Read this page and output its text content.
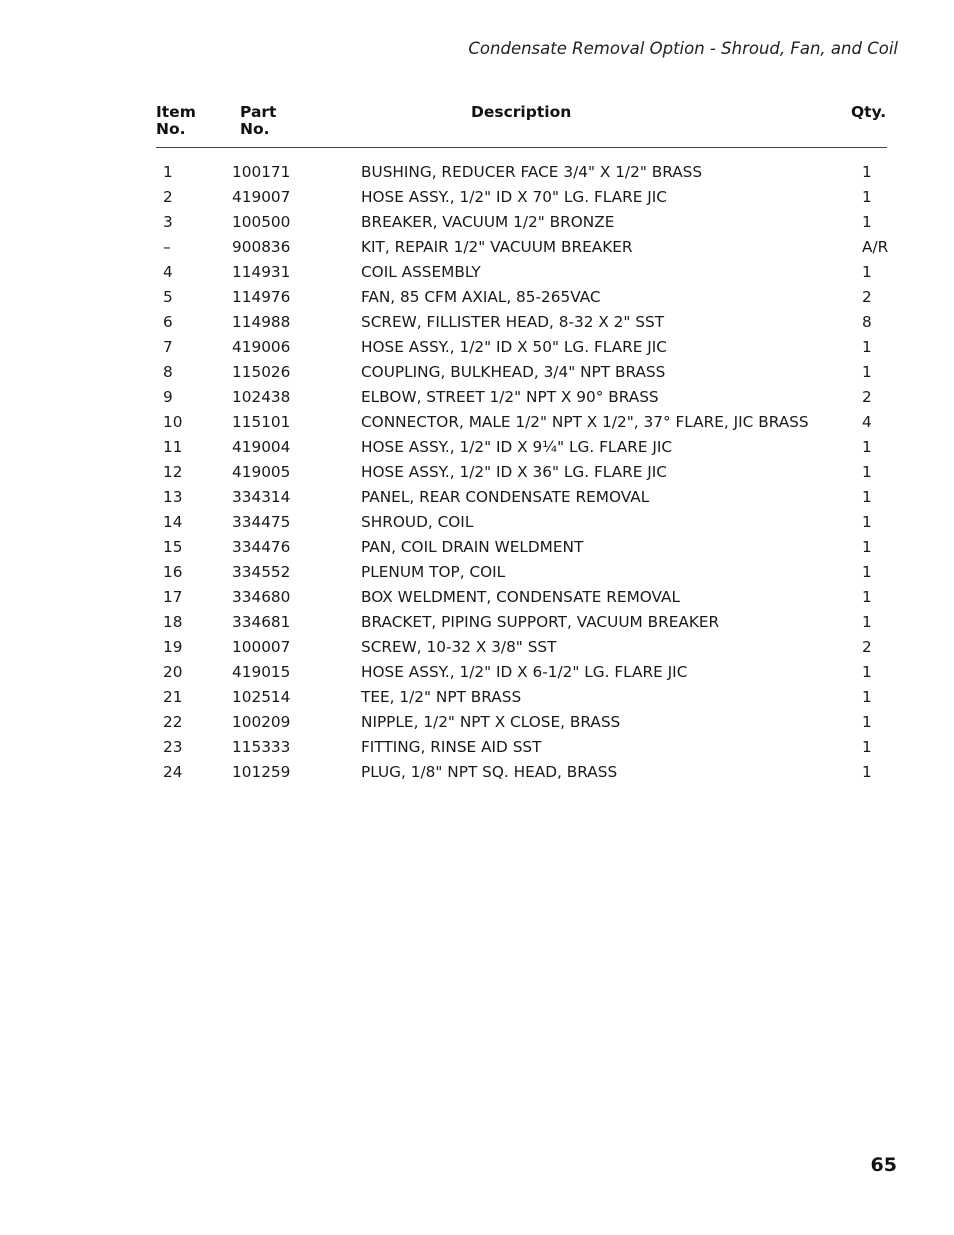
Condensate Removal Option - Shroud, Fan, and Coil
Item
No.
Part
No.
Description	Qty.
1	100171	BUSHING, REDUCER FACE 3/4" X 1/2" BRASS	1
2	419007	HOSE ASSY., 1/2" ID X 70" LG. FLARE JIC	1
3	100500	BREAKER, VACUUM 1/2" BRONZE	1
–	900836	KIT, REPAIR 1/2" VACUUM BREAKER	A/R
4	114931	COIL ASSEMBLY	1
5	114976	FAN, 85 CFM AXIAL, 85-265VAC	2
6	114988	SCREW, FILLISTER HEAD, 8-32 X 2" SST	8
7	419006	HOSE ASSY., 1/2" ID X 50" LG. FLARE JIC	1
8	115026	COUPLING, BULKHEAD, 3/4" NPT BRASS	1
9	102438	ELBOW, STREET 1/2" NPT X 90° BRASS	2
10	115101	CONNECTOR, MALE 1/2" NPT X 1/2", 37° FLARE, JIC BRASS	4
11	419004	HOSE ASSY., 1/2" ID X 9¼" LG. FLARE JIC	1
12	419005	HOSE ASSY., 1/2" ID X 36" LG. FLARE JIC	1
13	334314	PANEL, REAR CONDENSATE REMOVAL	1
14	334475	SHROUD, COIL	1
15	334476	PAN, COIL DRAIN WELDMENT	1
16	334552	PLENUM TOP, COIL	1
17	334680	BOX WELDMENT, CONDENSATE REMOVAL	1
18	334681	BRACKET, PIPING SUPPORT, VACUUM BREAKER	1
19	100007	SCREW, 10-32 X 3/8" SST	2
20	419015	HOSE ASSY., 1/2" ID X 6-1/2" LG. FLARE JIC	1
21	102514	TEE, 1/2" NPT BRASS	1
22	100209	NIPPLE, 1/2" NPT X CLOSE, BRASS	1
23	115333	FITTING, RINSE AID SST	1
24	101259	PLUG, 1/8" NPT SQ. HEAD, BRASS	1
65
